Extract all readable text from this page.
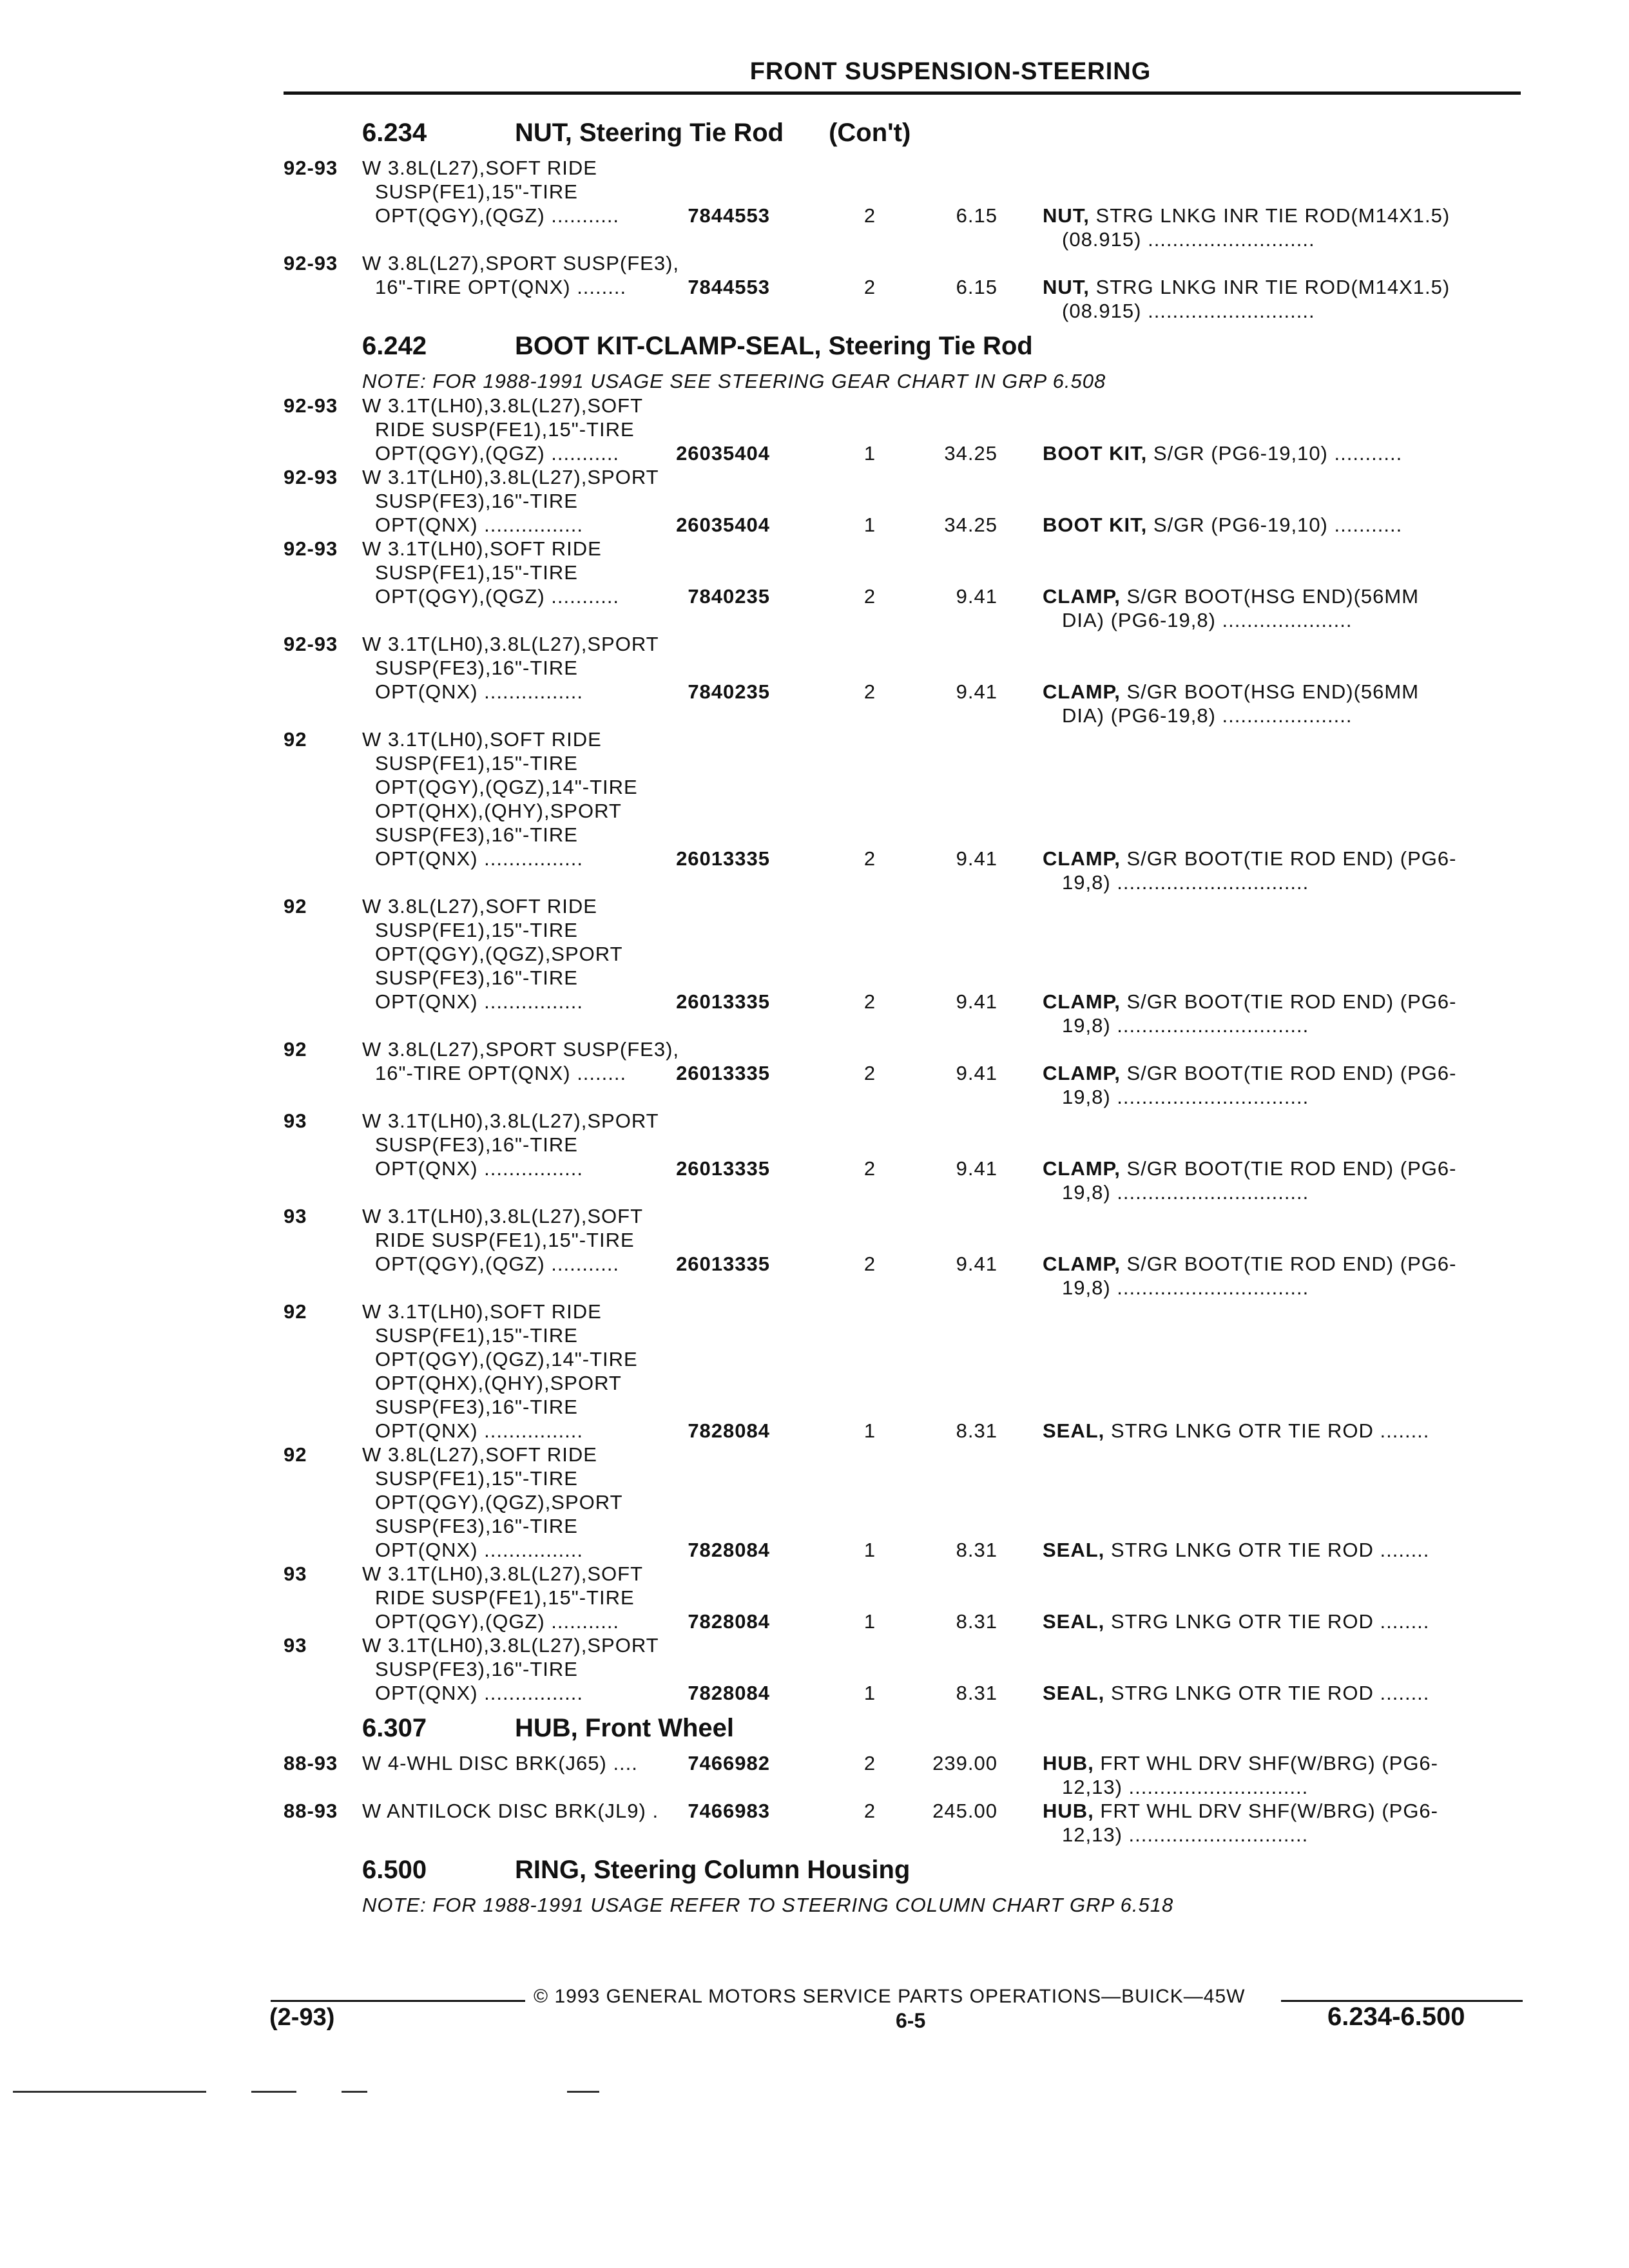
FRONT SUSPENSION-STEERING
6.234	NUT, Steering Tie Rod (Con't)
92-93	W 3.8L(L27),SOFT RIDE
SUSP(FE1),15"-TIRE
OPT(QGY),(QGZ) ...........	7844553	2	6.15 NUT, STRG LNKG INR TIE ROD(M14X1.5)
(08.915) ...........................
92-93	W 3.8L(L27),SPORT SUSP(FE3),
16"-TIRE OPT(QNX) ........	7844553	2	6.15 NUT, STRG LNKG INR TIE ROD(M14X1.5)
(08.915) ...........................
6.242	BOOT KIT-CLAMP-SEAL, Steering Tie Rod
NOTE: FOR 1988-1991 USAGE SEE STEERING GEAR CHART IN GRP 6.508
92-93	W 3.1T(LH0),3.8L(L27),SOFT
RIDE SUSP(FE1),15"-TIRE
OPT(QGY),(QGZ) ...........	26035404	1	34.25 BOOT KIT, S/GR (PG6-19,10) ...........
92-93	W 3.1T(LH0),3.8L(L27),SPORT
SUSP(FE3),16"-TIRE
OPT(QNX) ................	26035404	1	34.25 BOOT KIT, S/GR (PG6-19,10) ...........
92-93	W 3.1T(LH0),SOFT RIDE
SUSP(FE1),15"-TIRE
OPT(QGY),(QGZ) ...........	7840235	2	9.41 CLAMP, S/GR BOOT(HSG END)(56MM
DIA) (PG6-19,8) .....................
92-93	W 3.1T(LH0),3.8L(L27),SPORT
SUSP(FE3),16"-TIRE
OPT(QNX) ................	7840235	2	9.41 CLAMP, S/GR BOOT(HSG END)(56MM
DIA) (PG6-19,8) .....................
92	W 3.1T(LH0),SOFT RIDE
SUSP(FE1),15"-TIRE
OPT(QGY),(QGZ),14"-TIRE
OPT(QHX),(QHY),SPORT
SUSP(FE3),16"-TIRE
OPT(QNX) ................	26013335	2	9.41 CLAMP, S/GR BOOT(TIE ROD END) (PG6-
19,8) ...............................
92	W 3.8L(L27),SOFT RIDE
SUSP(FE1),15"-TIRE
OPT(QGY),(QGZ),SPORT
SUSP(FE3),16"-TIRE
OPT(QNX) ................	26013335	2	9.41 CLAMP, S/GR BOOT(TIE ROD END) (PG6-
19,8) ...............................
92	W 3.8L(L27),SPORT SUSP(FE3),
16"-TIRE OPT(QNX) ........	26013335	2	9.41 CLAMP, S/GR BOOT(TIE ROD END) (PG6-
19,8) ...............................
93	W 3.1T(LH0),3.8L(L27),SPORT
SUSP(FE3),16"-TIRE
OPT(QNX) ................	26013335	2	9.41 CLAMP, S/GR BOOT(TIE ROD END) (PG6-
19,8) ...............................
93	W 3.1T(LH0),3.8L(L27),SOFT
RIDE SUSP(FE1),15"-TIRE
OPT(QGY),(QGZ) ...........	26013335	2	9.41 CLAMP, S/GR BOOT(TIE ROD END) (PG6-
19,8) ...............................
92	W 3.1T(LH0),SOFT RIDE
SUSP(FE1),15"-TIRE
OPT(QGY),(QGZ),14"-TIRE
OPT(QHX),(QHY),SPORT
SUSP(FE3),16"-TIRE
OPT(QNX) ................	7828084	1	8.31 SEAL, STRG LNKG OTR TIE ROD ........
92	W 3.8L(L27),SOFT RIDE
SUSP(FE1),15"-TIRE
OPT(QGY),(QGZ),SPORT
SUSP(FE3),16"-TIRE
OPT(QNX) ................	7828084	1	8.31 SEAL, STRG LNKG OTR TIE ROD ........
93	W 3.1T(LH0),3.8L(L27),SOFT
RIDE SUSP(FE1),15"-TIRE
OPT(QGY),(QGZ) ...........	7828084	1	8.31 SEAL, STRG LNKG OTR TIE ROD ........
93	W 3.1T(LH0),3.8L(L27),SPORT
SUSP(FE3),16"-TIRE
OPT(QNX) ................	7828084	1	8.31 SEAL, STRG LNKG OTR TIE ROD ........
6.307	HUB, Front Wheel
88-93	W 4-WHL DISC BRK(J65) ....	7466982	2	239.00 HUB, FRT WHL DRV SHF(W/BRG) (PG6-
12,13) .............................
88-93	W ANTILOCK DISC BRK(JL9) .	7466983	2	245.00 HUB, FRT WHL DRV SHF(W/BRG) (PG6-
12,13) .............................
6.500	RING, Steering Column Housing
NOTE: FOR 1988-1991 USAGE REFER TO STEERING COLUMN CHART GRP 6.518
© 1993 GENERAL MOTORS SERVICE PARTS OPERATIONS—BUICK—45W
(2-93)	6-5	6.234-6.500
